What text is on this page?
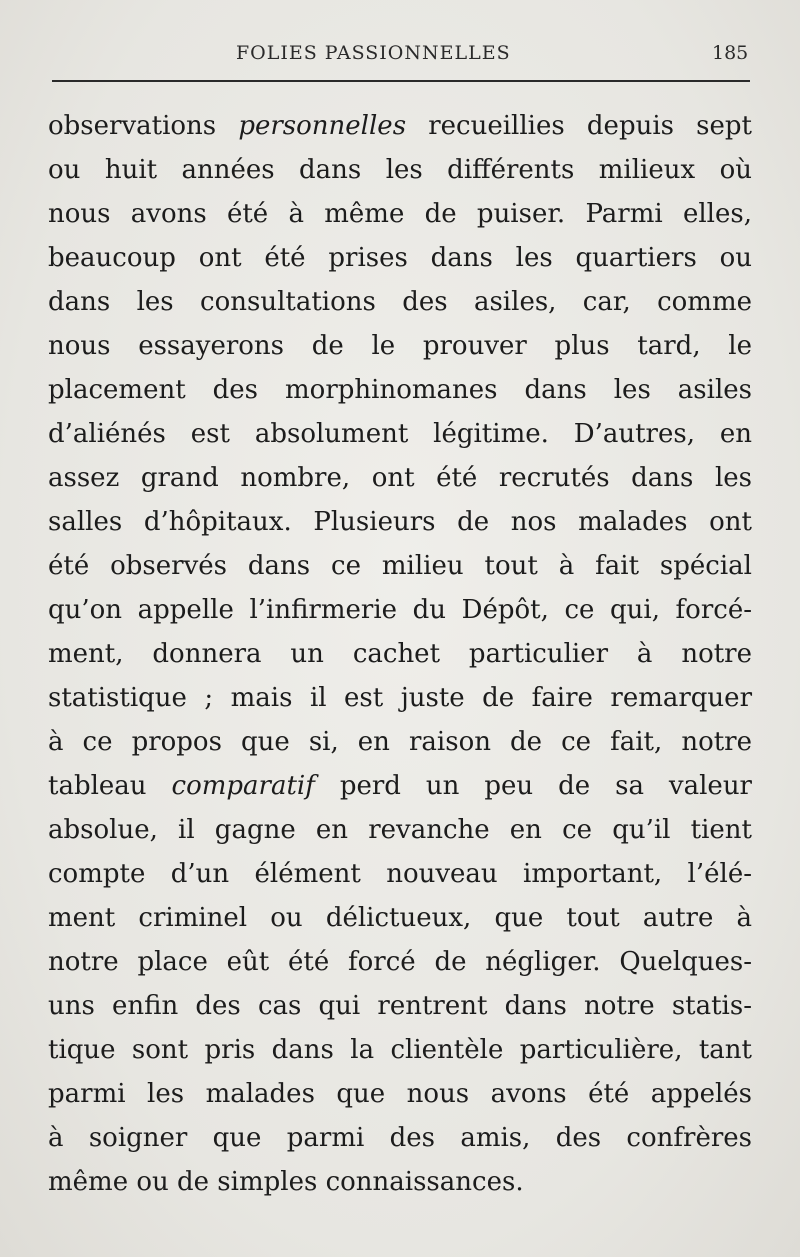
FOLIES PASSIONNELLES	185
observations personnelles recueillies depuis sept
ou huit années dans les différents milieux où
nous avons été à même de puiser. Parmi elles,
beaucoup ont été prises dans les quartiers ou
dans les consultations des asiles, car, comme
nous essayerons de le prouver plus tard, le
placement des morphinomanes dans les asiles
d’aliénés est absolument légitime. D’autres, en
assez grand nombre, ont été recrutés dans les
salles d’hôpitaux. Plusieurs de nos malades ont
été observés dans ce milieu tout à fait spécial
qu’on appelle l’infirmerie du Dépôt, ce qui, forcé-
ment, donnera un cachet particulier à notre
statistique ; mais il est juste de faire remarquer
à ce propos que si, en raison de ce fait, notre
tableau comparatif perd un peu de sa valeur
absolue, il gagne en revanche en ce qu’il tient
compte d’un élément nouveau important, l’élé-
ment criminel ou délictueux, que tout autre à
notre place eût été forcé de négliger. Quelques-
uns enfin des cas qui rentrent dans notre statis-
tique sont pris dans la clientèle particulière, tant
parmi les malades que nous avons été appelés
à soigner que parmi des amis, des confrères
même ou de simples connaissances.
